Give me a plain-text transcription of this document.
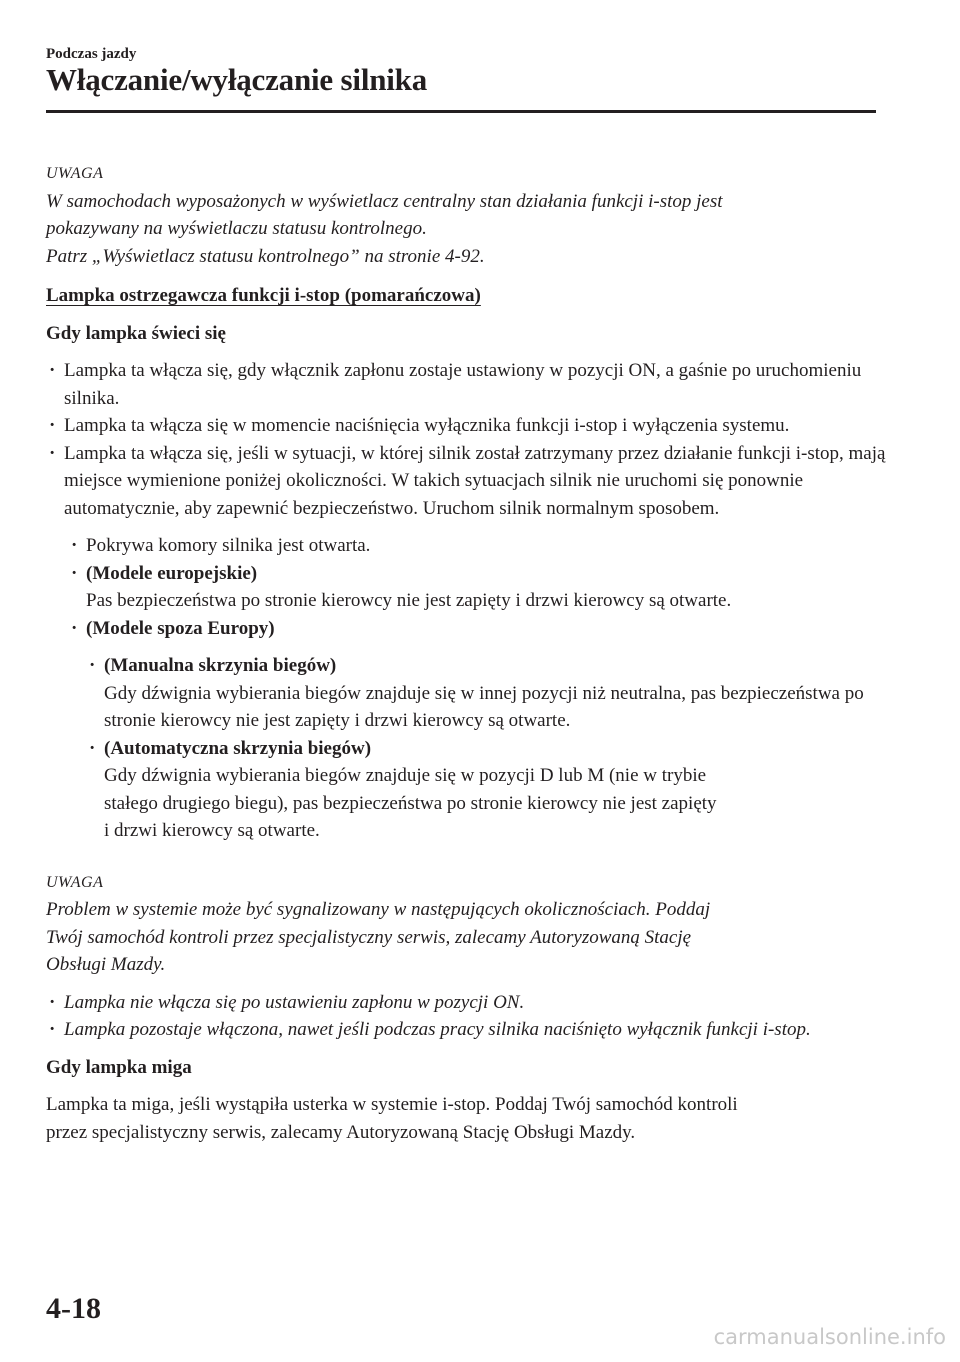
Podczas jazdy
Włączanie/wyłączanie silnika

UWAGA

W samochodach wyposażonych w wyświetlacz centralny stan działania funkcji i-stop jest
pokazywany na wyświetlaczu statusu kontrolnego.
Patrz „Wyświetlacz statusu kontrolnego” na stronie 4-92.

Lampka ostrzegawcza funkcji i-stop (pomarańczowa)

Gdy lampka świeci się

· Lampka ta włącza się, gdy włącznik zapłonu zostaje ustawiony w pozycji ON, a gaśnie po uruchomieniu silnika.
· Lampka ta włącza się w momencie naciśnięcia wyłącznika funkcji i-stop i wyłączenia systemu.
· Lampka ta włącza się, jeśli w sytuacji, w której silnik został zatrzymany przez działanie funkcji i-stop, mają miejsce wymienione poniżej okoliczności. W takich sytuacjach silnik nie uruchomi się ponownie automatycznie, aby zapewnić bezpieczeństwo. Uruchom silnik normalnym sposobem.
· Pokrywa komory silnika jest otwarta.
· (Modele europejskie)
Pas bezpieczeństwa po stronie kierowcy nie jest zapięty i drzwi kierowcy są otwarte.
· (Modele spoza Europy)
· (Manualna skrzynia biegów)
Gdy dźwignia wybierania biegów znajduje się w innej pozycji niż neutralna, pas bezpieczeństwa po stronie kierowcy nie jest zapięty i drzwi kierowcy są otwarte.
· (Automatyczna skrzynia biegów)
Gdy dźwignia wybierania biegów znajduje się w pozycji D lub M (nie w trybie
stałego drugiego biegu), pas bezpieczeństwa po stronie kierowcy nie jest zapięty
i drzwi kierowcy są otwarte.

UWAGA

Problem w systemie może być sygnalizowany w następujących okolicznościach. Poddaj
Twój samochód kontroli przez specjalistyczny serwis, zalecamy Autoryzowaną Stację
Obsługi Mazdy.

· Lampka nie włącza się po ustawieniu zapłonu w pozycji ON.
· Lampka pozostaje włączona, nawet jeśli podczas pracy silnika naciśnięto wyłącznik funkcji i-stop.

Gdy lampka miga

Lampka ta miga, jeśli wystąpiła usterka w systemie i-stop. Poddaj Twój samochód kontroli
przez specjalistyczny serwis, zalecamy Autoryzowaną Stację Obsługi Mazdy.

4-18
carmanualsonline.info
